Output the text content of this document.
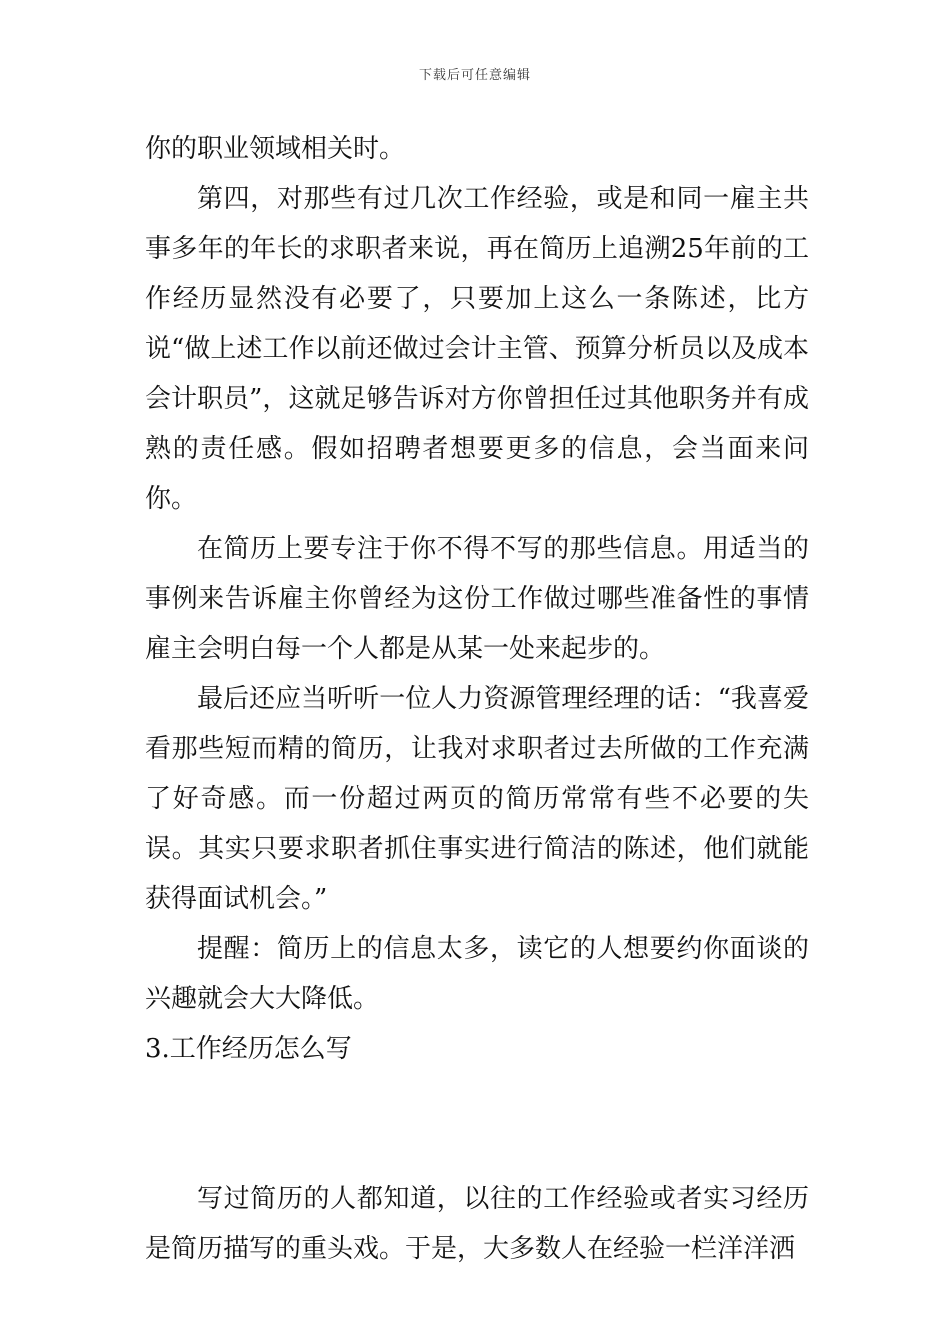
下载后可任意编辑

你的职业领域相关时。

第四，对那些有过几次工作经验，或是和同一雇主共事多年的年长的求职者来说，再在简历上追溯25年前的工作经历显然没有必要了，只要加上这么一条陈述，比方说“做上述工作以前还做过会计主管、预算分析员以及成本会计职员”，这就足够告诉对方你曾担任过其他职务并有成熟的责任感。假如招聘者想要更多的信息，会当面来问你。

在简历上要专注于你不得不写的那些信息。用适当的事例来告诉雇主你曾经为这份工作做过哪些准备性的事情雇主会明白每一个人都是从某一处来起步的。

最后还应当听听一位人力资源管理经理的话：“我喜爱看那些短而精的简历，让我对求职者过去所做的工作充满了好奇感。而一份超过两页的简历常常有些不必要的失误。其实只要求职者抓住事实进行简洁的陈述，他们就能获得面试机会。”

提醒：简历上的信息太多，读它的人想要约你面谈的兴趣就会大大降低。

3.工作经历怎么写

写过简历的人都知道，以往的工作经验或者实习经历是简历描写的重头戏。于是，大多数人在经验一栏洋洋洒
